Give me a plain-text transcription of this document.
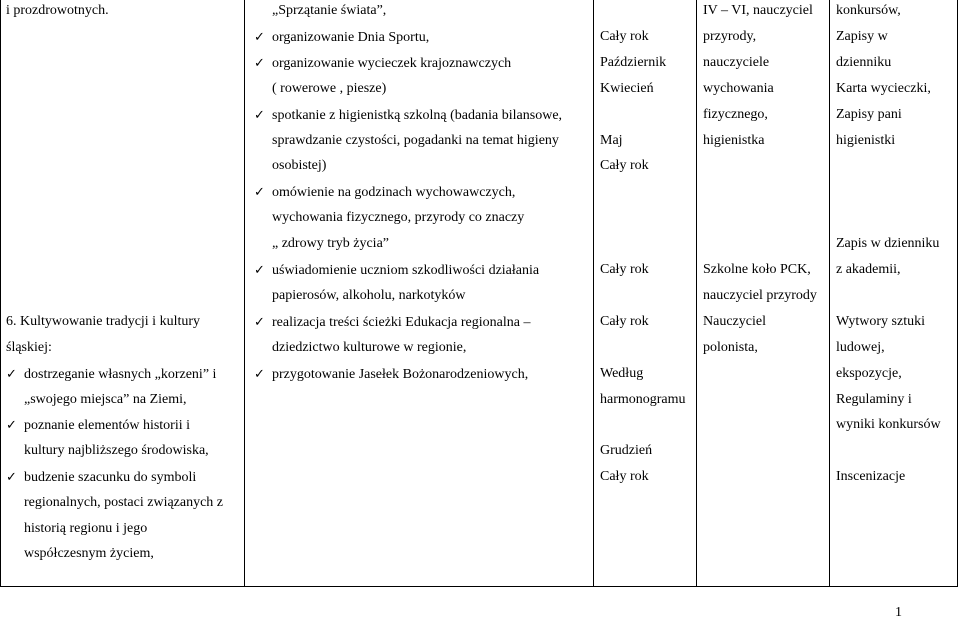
i prozdrowotnych.
6. Kultywowanie tradycji i kultury
śląskiej:
✓ dostrzeganie własnych „korzeni” i
„swojego miejsca” na Ziemi,
✓ poznanie elementów historii i
kultury najbliższego środowiska,
✓ budzenie szacunku do symboli
regionalnych, postaci związanych z
historią regionu i jego
współczesnym życiem,
„Sprzątanie świata”,
✓ organizowanie Dnia Sportu,
✓ organizowanie wycieczek krajoznawczych
( rowerowe , piesze)
✓ spotkanie z higienistką szkolną (badania bilansowe,
sprawdzanie czystości, pogadanki na temat higieny
osobistej)
✓ omówienie na godzinach wychowawczych,
wychowania fizycznego, przyrody co znaczy
„ zdrowy tryb życia”
✓ uświadomienie uczniom szkodliwości działania
papierosów, alkoholu, narkotyków
✓ realizacja treści ścieżki Edukacja regionalna –
dziedzictwo kulturowe w regionie,
✓ przygotowanie Jasełek Bożonarodzeniowych,
Cały rok
Październik
Kwiecień
Maj
Cały rok
Cały rok
Cały rok
Według
harmonogramu
Grudzień
Cały rok
IV – VI, nauczyciel
przyrody,
nauczyciele
wychowania
fizycznego,
higienistka
Szkolne koło PCK,
nauczyciel przyrody
Nauczyciel
polonista,
konkursów,
Zapisy w
dzienniku
Karta wycieczki,
Zapisy pani
higienistki
Zapis w dzienniku
z akademii,
Wytwory sztuki
ludowej,
ekspozycje,
Regulaminy i
wyniki konkursów
Inscenizacje
1
